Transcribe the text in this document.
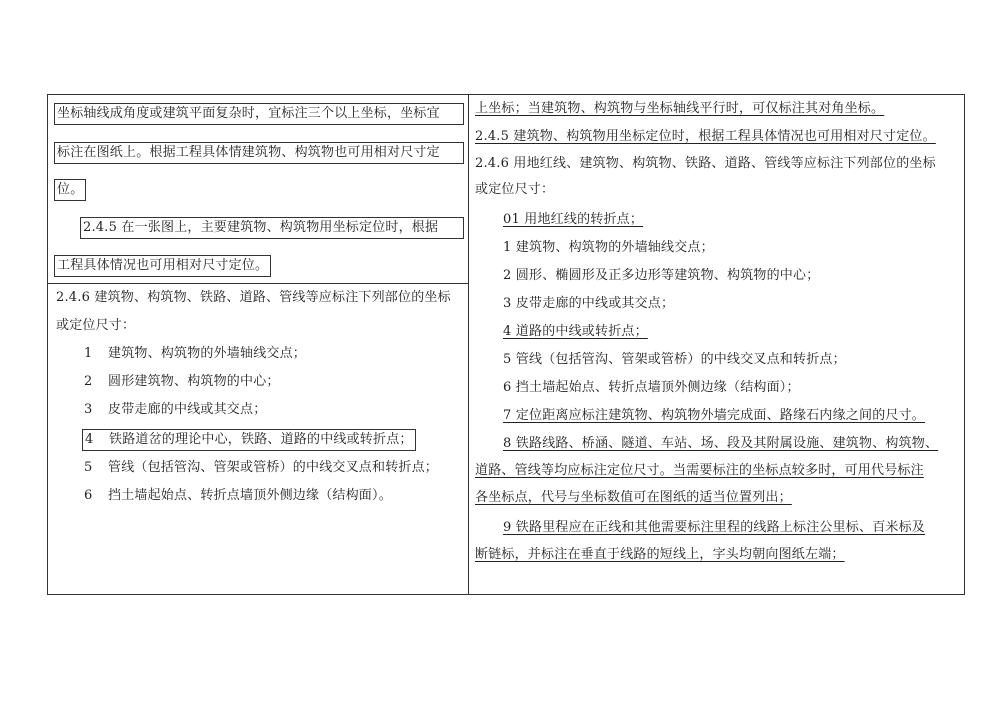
坐标轴线成角度或建筑平面复杂时，宜标注三个以上坐标，坐标宜
标注在图纸上。根据工程具体情建筑物、构筑物也可用相对尺寸定
位。
2.4.5 在一张图上，主要建筑物、构筑物用坐标定位时，根据
工程具体情况也可用相对尺寸定位。
2.4.6 建筑物、构筑物、铁路、道路、管线等应标注下列部位的坐标
或定位尺寸：
1 建筑物、构筑物的外墙轴线交点；
2 圆形建筑物、构筑物的中心；
3 皮带走廊的中线或其交点；
4 铁路道岔的理论中心，铁路、道路的中线或转折点；
5 管线（包括管沟、管架或管桥）的中线交叉点和转折点；
6 挡土墙起始点、转折点墙顶外侧边缘（结构面）。
上坐标；当建筑物、构筑物与坐标轴线平行时，可仅标注其对角坐标。
2.4.5 建筑物、构筑物用坐标定位时，根据工程具体情况也可用相对尺寸定位。
2.4.6 用地红线、建筑物、构筑物、铁路、道路、管线等应标注下列部位的坐标
或定位尺寸：
01 用地红线的转折点；
1 建筑物、构筑物的外墙轴线交点；
2 圆形、椭圆形及正多边形等建筑物、构筑物的中心；
3 皮带走廊的中线或其交点；
4 道路的中线或转折点；
5 管线（包括管沟、管架或管桥）的中线交叉点和转折点；
6 挡土墙起始点、转折点墙顶外侧边缘（结构面）；
7 定位距离应标注建筑物、构筑物外墙完成面、路缘石内缘之间的尺寸。
8 铁路线路、桥涵、隧道、车站、场、段及其附属设施、建筑物、构筑物、
道路、管线等均应标注定位尺寸。当需要标注的坐标点较多时，可用代号标注
各坐标点，代号与坐标数值可在图纸的适当位置列出；
9 铁路里程应在正线和其他需要标注里程的线路上标注公里标、百米标及
断链标，并标注在垂直于线路的短线上，字头均朝向图纸左端；
